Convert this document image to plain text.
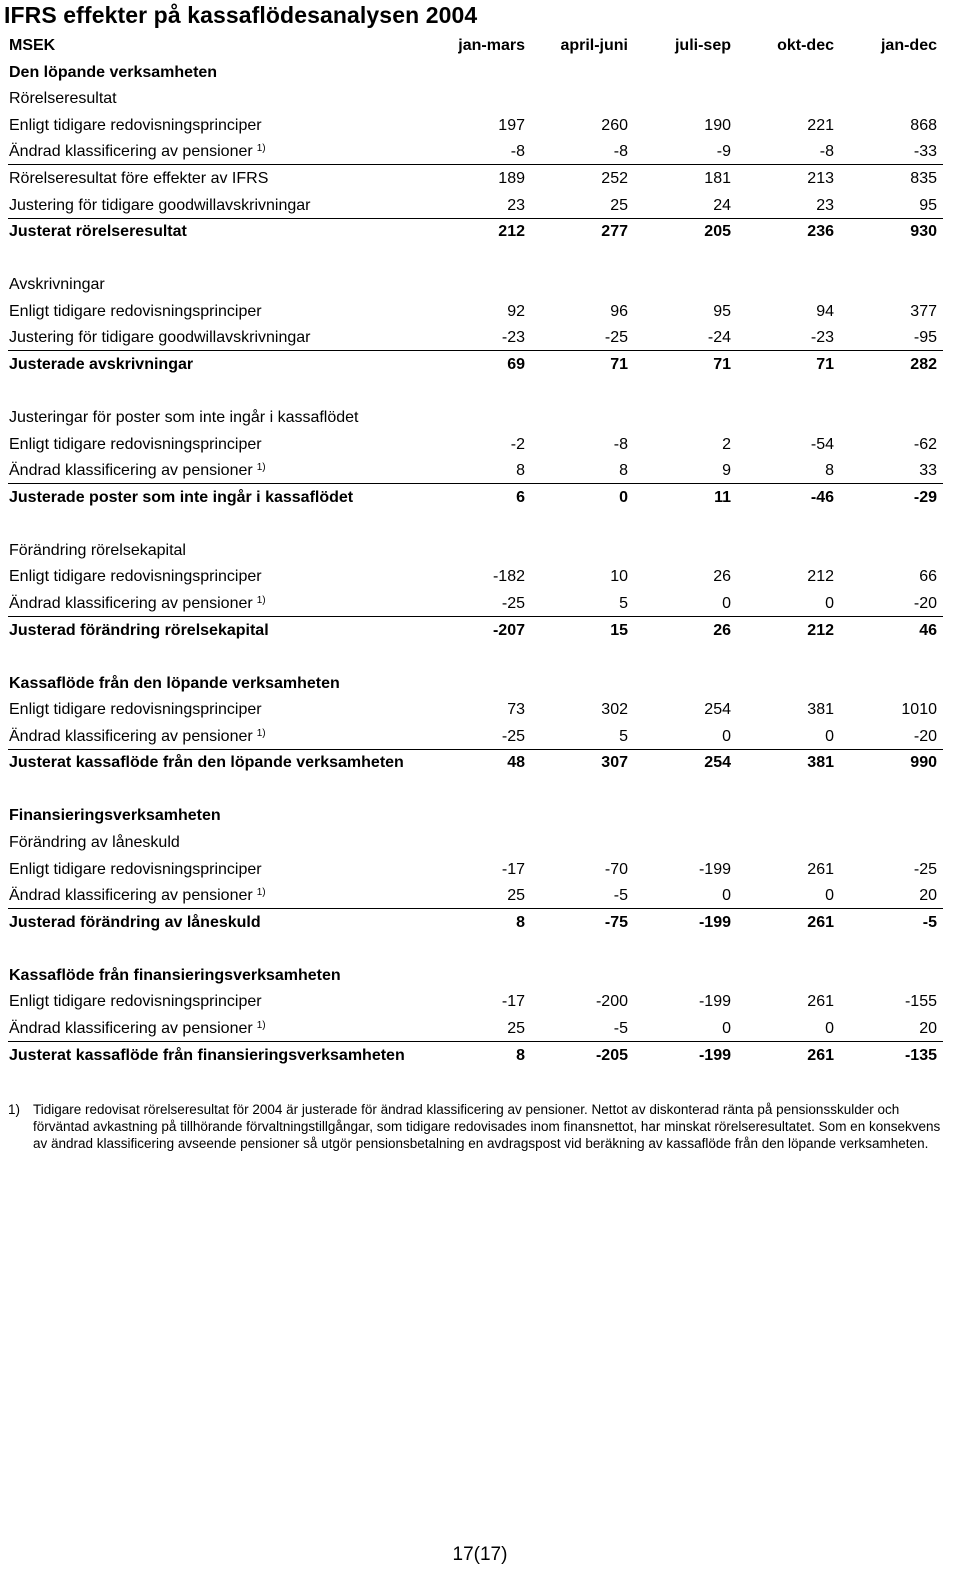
IFRS effekter på kassaflödesanalysen 2004
MSEK	jan-mars	april-juni	juli-sep	okt-dec	jan-dec
Den löpande verksamheten
Rörelseresultat
Enligt tidigare redovisningsprinciper	197	260	190	221	868
Ändrad klassificering av pensioner $^{1)}$	-8	-8	-9	-8	-33
Rörelseresultat före effekter av IFRS	189	252	181	213	835
Justering för tidigare goodwillavskrivningar	23	25	24	23	95
Justerat rörelseresultat	212	277	205	236	930
Avskrivningar
Enligt tidigare redovisningsprinciper	92	96	95	94	377
Justering för tidigare goodwillavskrivningar	-23	-25	-24	-23	-95
Justerade avskrivningar	69	71	71	71	282
Justeringar för poster som inte ingår i kassaflödet
Enligt tidigare redovisningsprinciper	-2	-8	2	-54	-62
Ändrad klassificering av pensioner $^{1)}$	8	8	9	8	33
Justerade poster som inte ingår i kassaflödet	6	0	11	-46	-29
Förändring rörelsekapital
Enligt tidigare redovisningsprinciper	-182	10	26	212	66
Ändrad klassificering av pensioner $^{1)}$	-25	5	0	0	-20
Justerad förändring rörelsekapital	-207	15	26	212	46
Kassaflöde från den löpande verksamheten
Enligt tidigare redovisningsprinciper	73	302	254	381	1010
Ändrad klassificering av pensioner $^{1)}$	-25	5	0	0	-20
Justerat kassaflöde från den löpande verksamheten	48	307	254	381	990
Finansieringsverksamheten
Förändring av låneskuld
Enligt tidigare redovisningsprinciper	-17	-70	-199	261	-25
Ändrad klassificering av pensioner $^{1)}$	25	-5	0	0	20
Justerad förändring av låneskuld	8	-75	-199	261	-5
Kassaflöde från finansieringsverksamheten
Enligt tidigare redovisningsprinciper	-17	-200	-199	261	-155
Ändrad klassificering av pensioner $^{1)}$	25	-5	0	0	20
Justerat kassaflöde från finansieringsverksamheten	8	-205	-199	261	-135
1) Tidigare redovisat rörelseresultat för 2004 är justerade för ändrad klassificering av pensioner. Nettot av diskonterad ränta på pensionsskulder och förväntad avkastning på tillhörande förvaltningstillgångar, som tidigare redovisades inom finansnettot, har minskat rörelseresultatet. Som en konsekvens av ändrad klassificering avseende pensioner så utgör pensionsbetalning en avdragspost vid beräkning av kassaflöde från den löpande verksamheten.
17(17)
